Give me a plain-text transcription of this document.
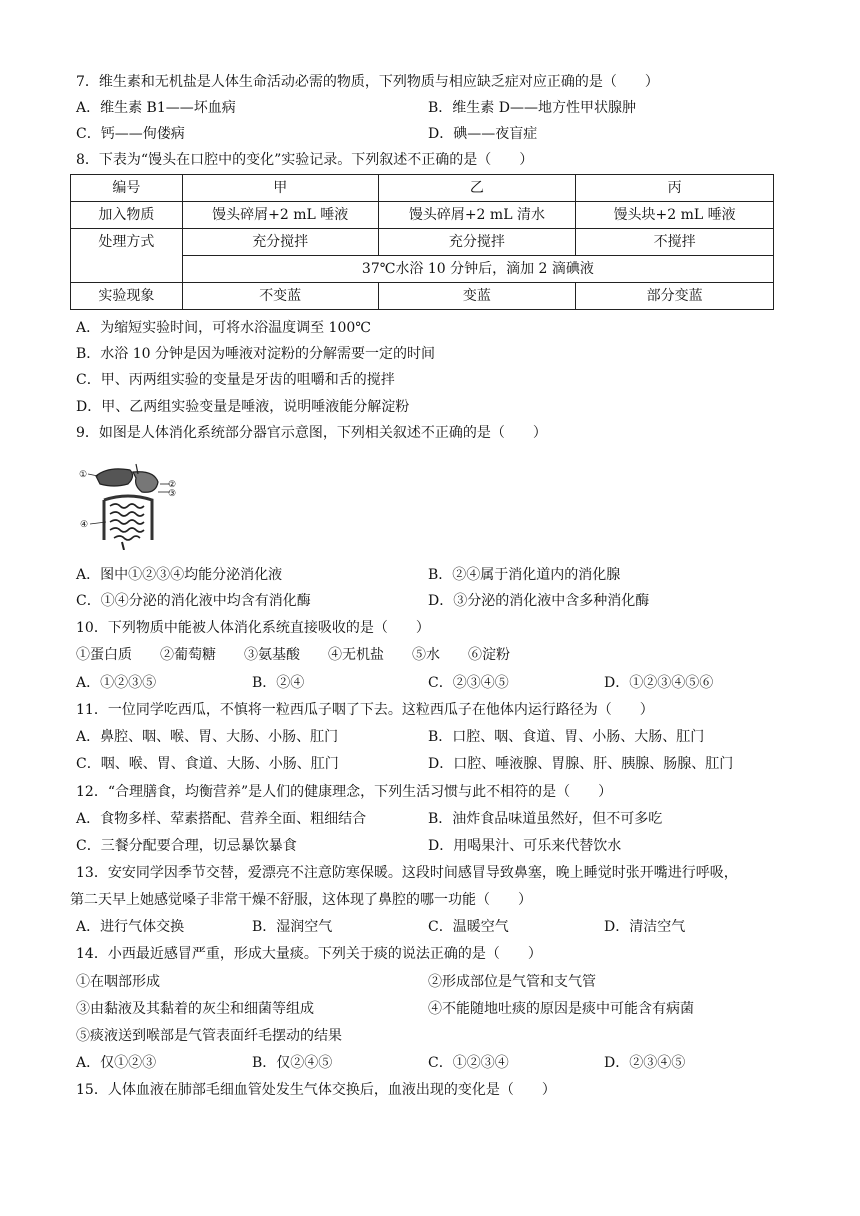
7．维生素和无机盐是人体生命活动必需的物质，下列物质与相应缺乏症对应正确的是（　　）
A．维生素 B1——坏血病	B．维生素 D——地方性甲状腺肿
C．钙——佝偻病	D．碘——夜盲症
8．下表为“馒头在口腔中的变化”实验记录。下列叙述不正确的是（　　）
编号	甲	乙	丙
加入物质	馒头碎屑+2 mL 唾液	馒头碎屑+2 mL 清水	馒头块+2 mL 唾液
处理方式	充分搅拌	充分搅拌	不搅拌
	37℃水浴 10 分钟后，滴加 2 滴碘液		
实验现象	不变蓝	变蓝	部分变蓝
A．为缩短实验时间，可将水浴温度调至 100℃
B．水浴 10 分钟是因为唾液对淀粉的分解需要一定的时间
C．甲、丙两组实验的变量是牙齿的咀嚼和舌的搅拌
D．甲、乙两组实验变量是唾液，说明唾液能分解淀粉
9．如图是人体消化系统部分器官示意图，下列相关叙述不正确的是（　　）
①
②
③
④
A．图中①②③④均能分泌消化液	B．②④属于消化道内的消化腺
C．①④分泌的消化液中均含有消化酶	D．③分泌的消化液中含多种消化酶
10．下列物质中能被人体消化系统直接吸收的是（　　）
①蛋白质　　②葡萄糖　　③氨基酸　　④无机盐　　⑤水　　⑥淀粉
A．①②③⑤	B．②④	C．②③④⑤	D．①②③④⑤⑥
11．一位同学吃西瓜，不慎将一粒西瓜子咽了下去。这粒西瓜子在他体内运行路径为（　　）
A．鼻腔、咽、喉、胃、大肠、小肠、肛门	B．口腔、咽、食道、胃、小肠、大肠、肛门
C．咽、喉、胃、食道、大肠、小肠、肛门	D．口腔、唾液腺、胃腺、肝、胰腺、肠腺、肛门
12．“合理膳食，均衡营养”是人们的健康理念，下列生活习惯与此不相符的是（　　）
A．食物多样、荤素搭配、营养全面、粗细结合	B．油炸食品味道虽然好，但不可多吃
C．三餐分配要合理，切忌暴饮暴食	D．用喝果汁、可乐来代替饮水
13．安安同学因季节交替，爱漂亮不注意防寒保暖。这段时间感冒导致鼻塞，晚上睡觉时张开嘴进行呼吸，
第二天早上她感觉嗓子非常干燥不舒服，这体现了鼻腔的哪一功能（　　）
A．进行气体交换	B．湿润空气	C．温暖空气	D．清洁空气
14．小西最近感冒严重，形成大量痰。下列关于痰的说法正确的是（　　）
①在咽部形成	②形成部位是气管和支气管
③由黏液及其黏着的灰尘和细菌等组成	④不能随地吐痰的原因是痰中可能含有病菌
⑤痰液送到喉部是气管表面纤毛摆动的结果
A．仅①②③	B．仅②④⑤	C．①②③④	D．②③④⑤
15．人体血液在肺部毛细血管处发生气体交换后，血液出现的变化是（　　）
